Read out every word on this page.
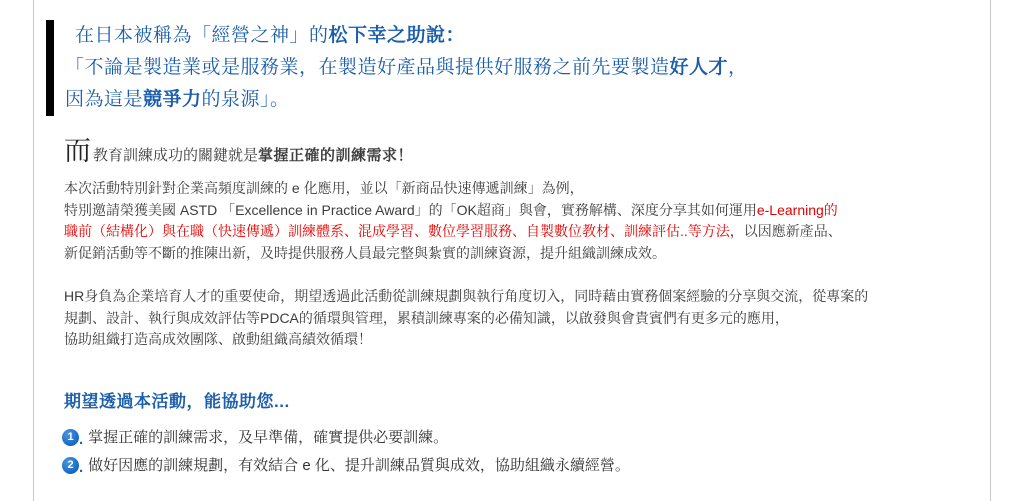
在日本被稱為「經營之神」的松下幸之助說：
「不論是製造業或是服務業，在製造好產品與提供好服務之前先要製造好人才，
因為這是競爭力的泉源」。
而教育訓練成功的關鍵就是掌握正確的訓練需求！
本次活動特別針對企業高頻度訓練的 e 化應用，並以「新商品快速傳遞訓練」為例，
特別邀請榮獲美國 ASTD 「Excellence in Practice Award」的「OK超商」與會，實務解構、深度分享其如何運用e-Learning的
職前（結構化）與在職（快速傳遞）訓練體系、混成學習、數位學習服務、自製數位教材、訓練評估..等方法，以因應新產品、
新促銷活動等不斷的推陳出新，及時提供服務人員最完整與紮實的訓練資源，提升組織訓練成效。
HR身負為企業培育人才的重要使命，期望透過此活動從訓練規劃與執行角度切入，同時藉由實務個案經驗的分享與交流，從專案的
規劃、設計、執行與成效評估等PDCA的循環與管理，累積訓練專案的必備知識，以啟發與會貴賓們有更多元的應用，
協助組織打造高成效團隊、啟動組織高績效循環！
期望透過本活動，能協助您...
1 . 掌握正確的訓練需求，及早準備，確實提供必要訓練。
2 . 做好因應的訓練規劃，有效結合 e 化、提升訓練品質與成效，協助組織永續經營。
